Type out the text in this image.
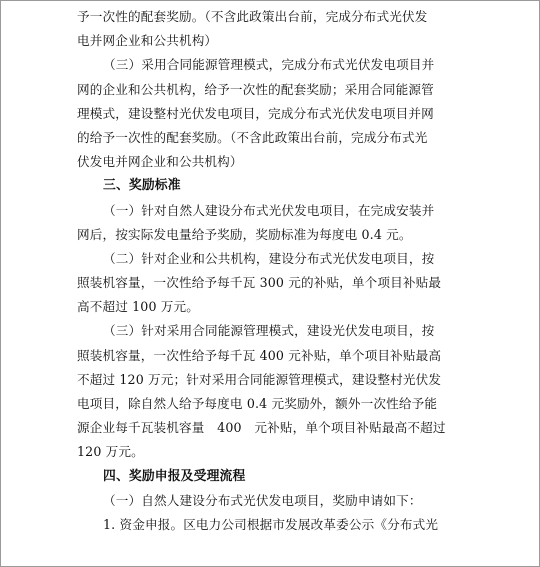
予一次性的配套奖励。（不含此政策出台前，完成分布式光伏发
电并网企业和公共机构）
（三）采用合同能源管理模式，完成分布式光伏发电项目并
网的企业和公共机构，给予一次性的配套奖励；采用合同能源管
理模式，建设整村光伏发电项目，完成分布式光伏发电项目并网
的给予一次性的配套奖励。（不含此政策出台前，完成分布式光
伏发电并网企业和公共机构）
三、奖励标准
（一）针对自然人建设分布式光伏发电项目，在完成安装并
网后，按实际发电量给予奖励，奖励标准为每度电 0.4 元。
（二）针对企业和公共机构，建设分布式光伏发电项目，按
照装机容量，一次性给予每千瓦 300 元的补贴，单个项目补贴最
高不超过 100 万元。
（三）针对采用合同能源管理模式，建设光伏发电项目，按
照装机容量，一次性给予每千瓦 400 元补贴，单个项目补贴最高
不超过 120 万元；针对采用合同能源管理模式，建设整村光伏发
电项目，除自然人给予每度电 0.4 元奖励外，额外一次性给予能
源企业每千瓦装机容量　400　元补贴，单个项目补贴最高不超过
120 万元。
四、奖励申报及受理流程
（一）自然人建设分布式光伏发电项目，奖励申请如下：
1. 资金申报。区电力公司根据市发展改革委公示《分布式光
